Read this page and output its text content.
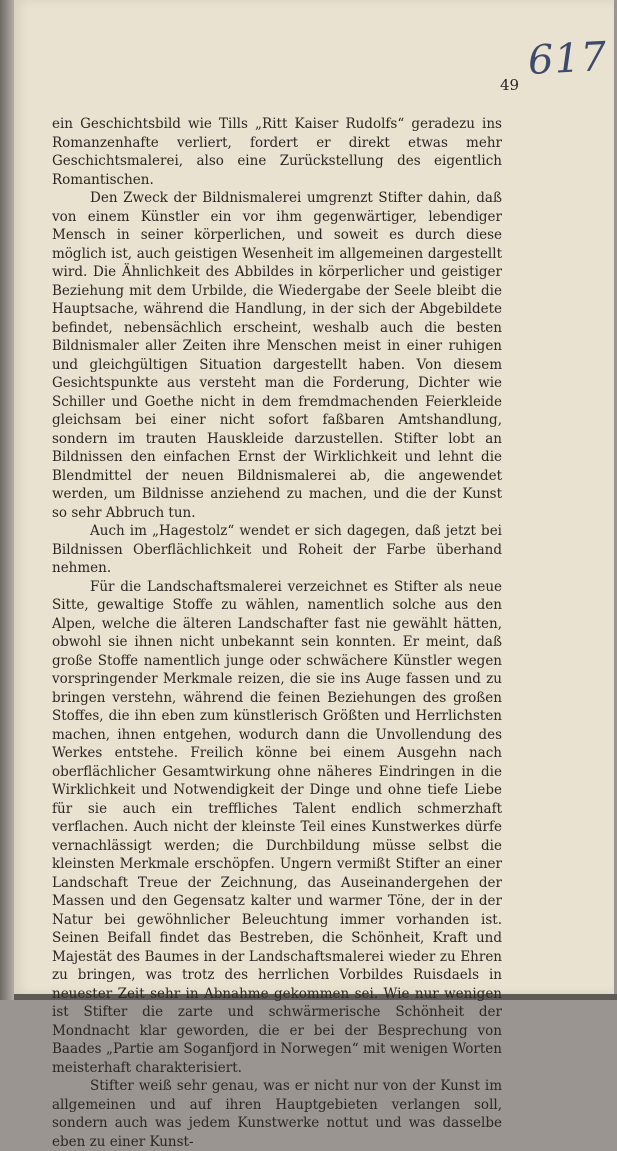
617
49

ein Geschichtsbild wie Tills „Ritt Kaiser Rudolfs“ geradezu ins Romanzenhafte verliert, fordert er direkt etwas mehr Geschichtsmalerei, also eine Zurückstellung des eigentlich Romantischen.

Den Zweck der Bildnismalerei umgrenzt Stifter dahin, daß von einem Künstler ein vor ihm gegenwärtiger, lebendiger Mensch in seiner körperlichen, und soweit es durch diese möglich ist, auch geistigen Wesenheit im allgemeinen dargestellt wird. Die Ähnlichkeit des Abbildes in körperlicher und geistiger Beziehung mit dem Urbilde, die Wiedergabe der Seele bleibt die Hauptsache, während die Handlung, in der sich der Abgebildete befindet, nebensächlich erscheint, weshalb auch die besten Bildnismaler aller Zeiten ihre Menschen meist in einer ruhigen und gleichgültigen Situation dargestellt haben. Von diesem Gesichtspunkte aus versteht man die Forderung, Dichter wie Schiller und Goethe nicht in dem fremdmachenden Feierkleide gleichsam bei einer nicht sofort faßbaren Amtshandlung, sondern im trauten Hauskleide darzustellen. Stifter lobt an Bildnissen den einfachen Ernst der Wirklichkeit und lehnt die Blendmittel der neuen Bildnismalerei ab, die angewendet werden, um Bildnisse anziehend zu machen, und die der Kunst so sehr Abbruch tun.

Auch im „Hagestolz“ wendet er sich dagegen, daß jetzt bei Bildnissen Oberflächlichkeit und Roheit der Farbe überhand nehmen.

Für die Landschaftsmalerei verzeichnet es Stifter als neue Sitte, gewaltige Stoffe zu wählen, namentlich solche aus den Alpen, welche die älteren Landschafter fast nie gewählt hätten, obwohl sie ihnen nicht unbekannt sein konnten. Er meint, daß große Stoffe namentlich junge oder schwächere Künstler wegen vorspringender Merkmale reizen, die sie ins Auge fassen und zu bringen verstehn, während die feinen Beziehungen des großen Stoffes, die ihn eben zum künstlerisch Größten und Herrlichsten machen, ihnen entgehen, wodurch dann die Unvollendung des Werkes entstehe. Freilich könne bei einem Ausgehn nach oberflächlicher Gesamtwirkung ohne näheres Eindringen in die Wirklichkeit und Notwendigkeit der Dinge und ohne tiefe Liebe für sie auch ein treffliches Talent endlich schmerzhaft verflachen. Auch nicht der kleinste Teil eines Kunstwerkes dürfe vernachlässigt werden; die Durchbildung müsse selbst die kleinsten Merkmale erschöpfen. Ungern vermißt Stifter an einer Landschaft Treue der Zeichnung, das Auseinandergehen der Massen und den Gegensatz kalter und warmer Töne, der in der Natur bei gewöhnlicher Beleuchtung immer vorhanden ist. Seinen Beifall findet das Bestreben, die Schönheit, Kraft und Majestät des Baumes in der Landschaftsmalerei wieder zu Ehren zu bringen, was trotz des herrlichen Vorbildes Ruisdaels in neuester Zeit sehr in Abnahme gekommen sei. Wie nur wenigen ist Stifter die zarte und schwärmerische Schönheit der Mondnacht klar geworden, die er bei der Besprechung von Baades „Partie am Soganfjord in Norwegen“ mit wenigen Worten meisterhaft charakterisiert.

Stifter weiß sehr genau, was er nicht nur von der Kunst im allgemeinen und auf ihren Hauptgebieten verlangen soll, sondern auch was jedem Kunstwerke nottut und was dasselbe eben zu einer Kunst-
